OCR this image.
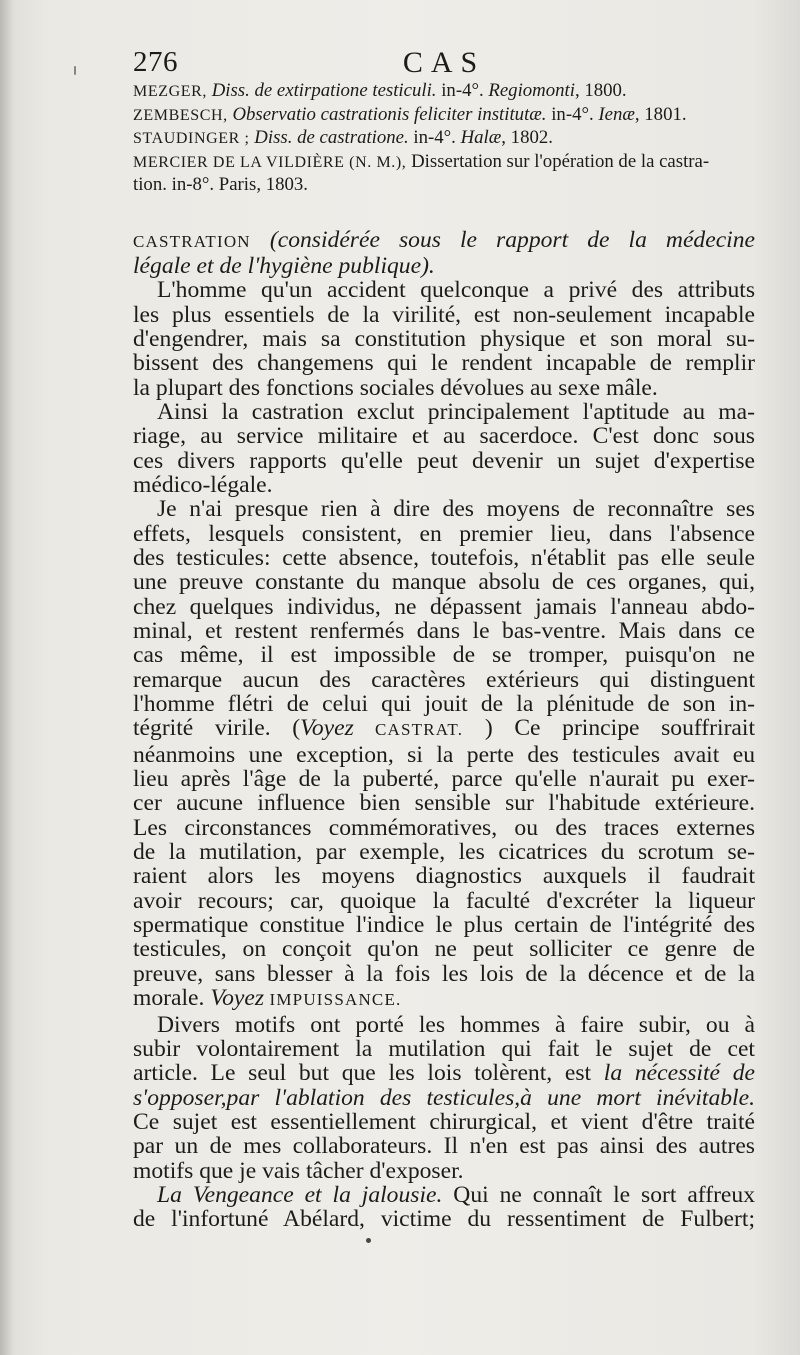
276	CAS
MEZGER, Diss. de extirpatione testiculi. in-4°. Regiomonti, 1800.
ZEMBESCH, Observatio castrationis feliciter institutæ. in-4°. Ienæ, 1801.
STAUDINGER ; Diss. de castratione. in-4°. Halæ, 1802.
MERCIER DE LA VILDIÈRE (N. M.), Dissertation sur l'opération de la castra-
tion. in-8°. Paris, 1803.

CASTRATION (considérée sous le rapport de la médecine

légale et de l'hygiène publique).

L'homme qu'un accident quelconque a privé des attributs

les plus essentiels de la virilité, est non-seulement incapable

d'engendrer, mais sa constitution physique et son moral su-

bissent des changemens qui le rendent incapable de remplir

la plupart des fonctions sociales dévolues au sexe mâle.

Ainsi la castration exclut principalement l'aptitude au ma-

riage, au service militaire et au sacerdoce. C'est donc sous

ces divers rapports qu'elle peut devenir un sujet d'expertise

médico-légale.

Je n'ai presque rien à dire des moyens de reconnaître ses

effets, lesquels consistent, en premier lieu, dans l'absence

des testicules: cette absence, toutefois, n'établit pas elle seule

une preuve constante du manque absolu de ces organes, qui,

chez quelques individus, ne dépassent jamais l'anneau abdo-

minal, et restent renfermés dans le bas-ventre. Mais dans ce

cas même, il est impossible de se tromper, puisqu'on ne

remarque aucun des caractères extérieurs qui distinguent

l'homme flétri de celui qui jouit de la plénitude de son in-

tégrité virile. (Voyez CASTRAT. ) Ce principe souffrirait

néanmoins une exception, si la perte des testicules avait eu

lieu après l'âge de la puberté, parce qu'elle n'aurait pu exer-

cer aucune influence bien sensible sur l'habitude extérieure.

Les circonstances commémoratives, ou des traces externes

de la mutilation, par exemple, les cicatrices du scrotum se-

raient alors les moyens diagnostics auxquels il faudrait

avoir recours; car, quoique la faculté d'excréter la liqueur

spermatique constitue l'indice le plus certain de l'intégrité des

testicules, on conçoit qu'on ne peut solliciter ce genre de

preuve, sans blesser à la fois les lois de la décence et de la

morale. Voyez IMPUISSANCE.

Divers motifs ont porté les hommes à faire subir, ou à

subir volontairement la mutilation qui fait le sujet de cet

article. Le seul but que les lois tolèrent, est la nécessité de

s'opposer,par l'ablation des testicules,à une mort inévitable.

Ce sujet est essentiellement chirurgical, et vient d'être traité

par un de mes collaborateurs. Il n'en est pas ainsi des autres

motifs que je vais tâcher d'exposer.

La Vengeance et la jalousie. Qui ne connaît le sort affreux

de l'infortuné Abélard, victime du ressentiment de Fulbert;
